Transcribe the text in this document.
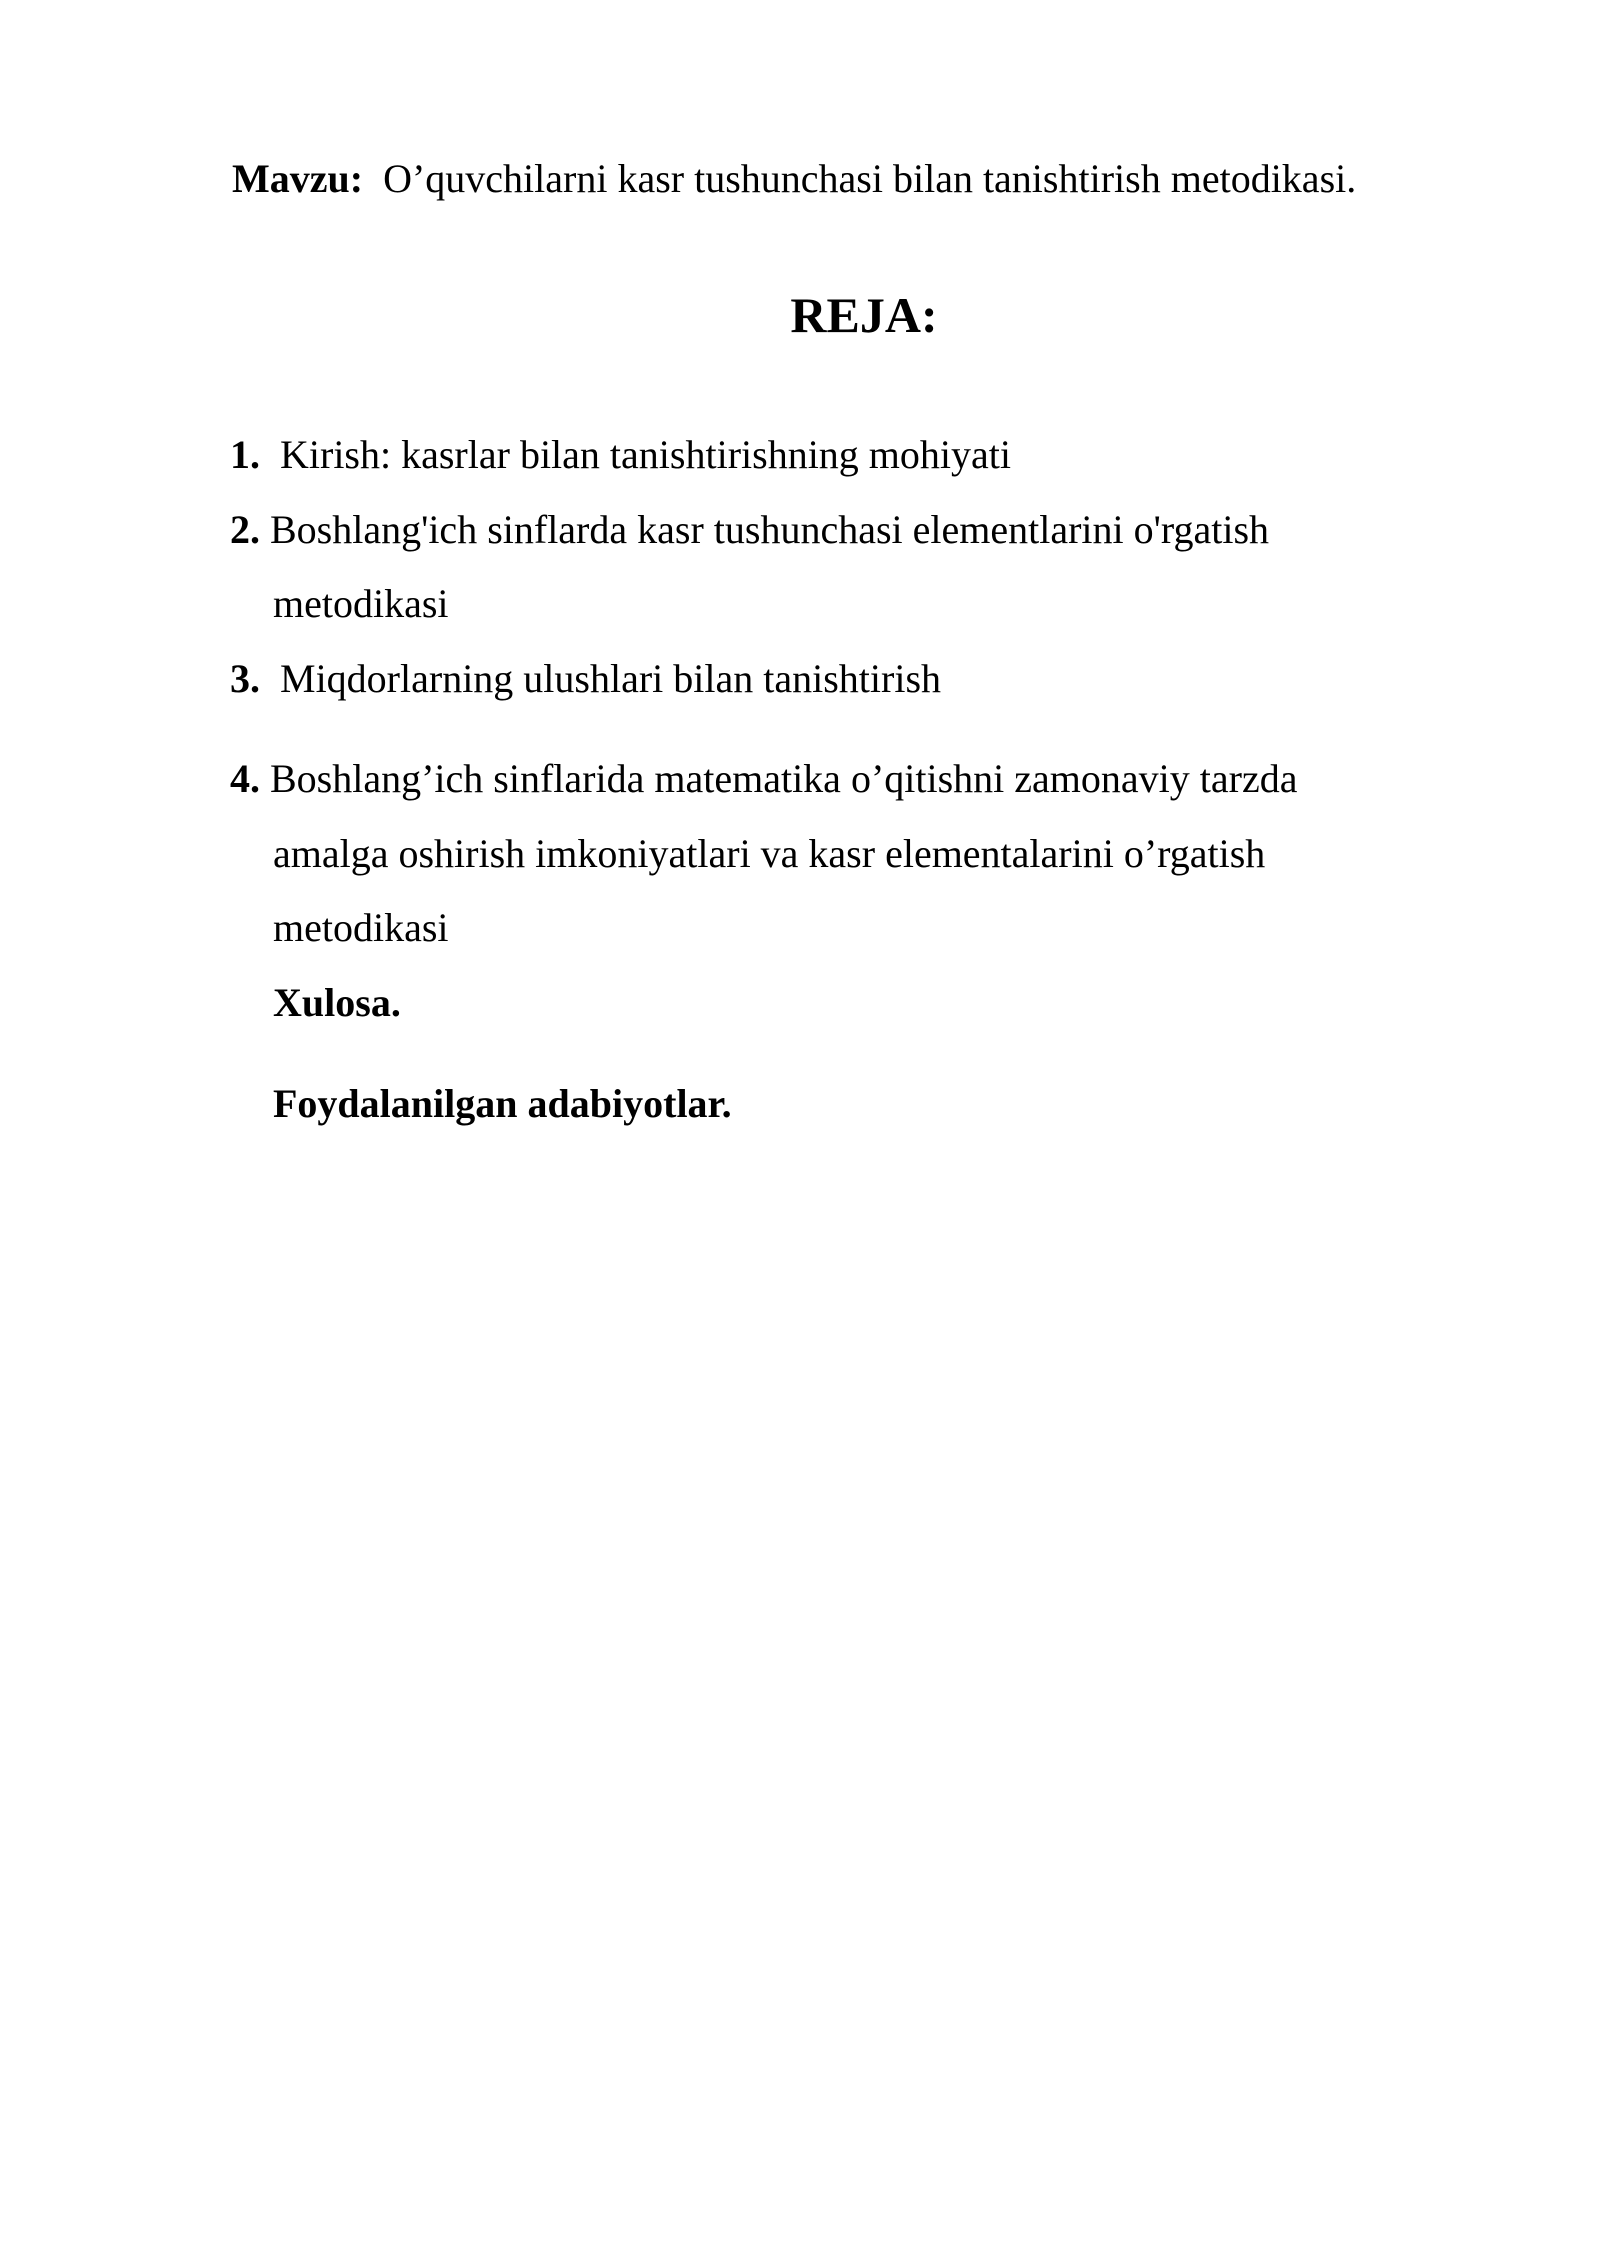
Mavzu: O’quvchilarni kasr tushunchasi bilan tanishtirish metodikasi.
REJA:
1. Kirish: kasrlar bilan tanishtirishning mohiyati
2. Boshlang'ich sinflarda kasr tushunchasi elementlarini o'rgatish
metodikasi
3. Miqdorlarning ulushlari bilan tanishtirish
4. Boshlang’ich sinflarida matematika o’qitishni zamonaviy tarzda
amalga oshirish imkoniyatlari va kasr elementalarini o’rgatish
metodikasi
Xulosa.
Foydalanilgan adabiyotlar.
